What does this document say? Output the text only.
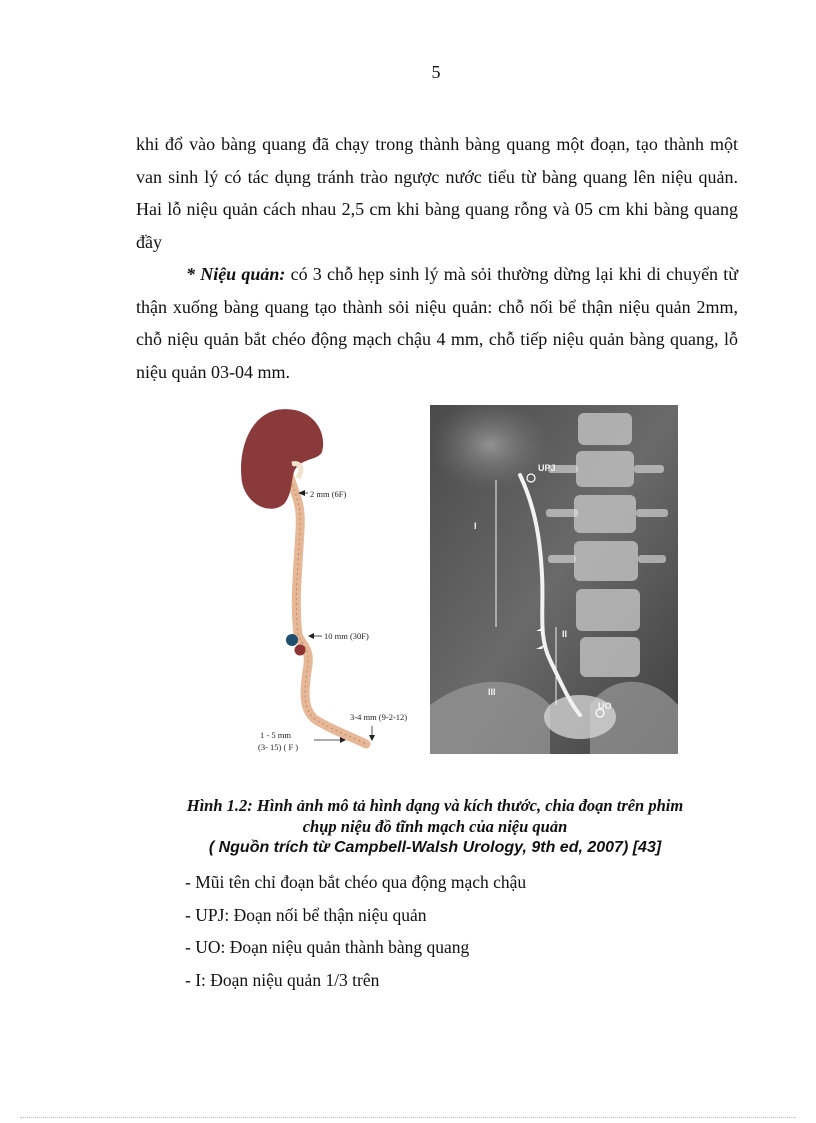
5

khi đổ vào bàng quang đã chạy trong thành bàng quang một đoạn, tạo thành một van sinh lý có tác dụng tránh trào ngược nước tiểu từ bàng quang lên niệu quản. Hai lỗ niệu quản cách nhau 2,5 cm khi bàng quang rỗng và 05 cm khi bàng quang đầy

* Niệu quản: có 3 chỗ hẹp sinh lý mà sỏi thường dừng lại khi di chuyển từ thận xuống bàng quang tạo thành sỏi niệu quản: chỗ nối bể thận niệu quản 2mm, chỗ niệu quản bắt chéo động mạch chậu 4 mm, chỗ tiếp niệu quản bàng quang, lỗ niệu quản 03-04 mm.

2 mm (6F)
10 mm (30F)
3-4 mm (9-2-12)
1 - 5 mm
(3- 15) ( F )
UPJ
UO
I
II
III
Hình 1.2: Hình ảnh mô tả hình dạng và kích thước, chia đoạn trên phim
chụp niệu đồ tĩnh mạch của niệu quản
( Nguồn trích từ Campbell-Walsh Urology, 9th ed, 2007) [43]
- Mũi tên chỉ đoạn bắt chéo qua động mạch chậu
- UPJ: Đoạn nối bể thận niệu quản
- UO: Đoạn niệu quản thành bàng quang
- I: Đoạn niệu quản 1/3 trên
